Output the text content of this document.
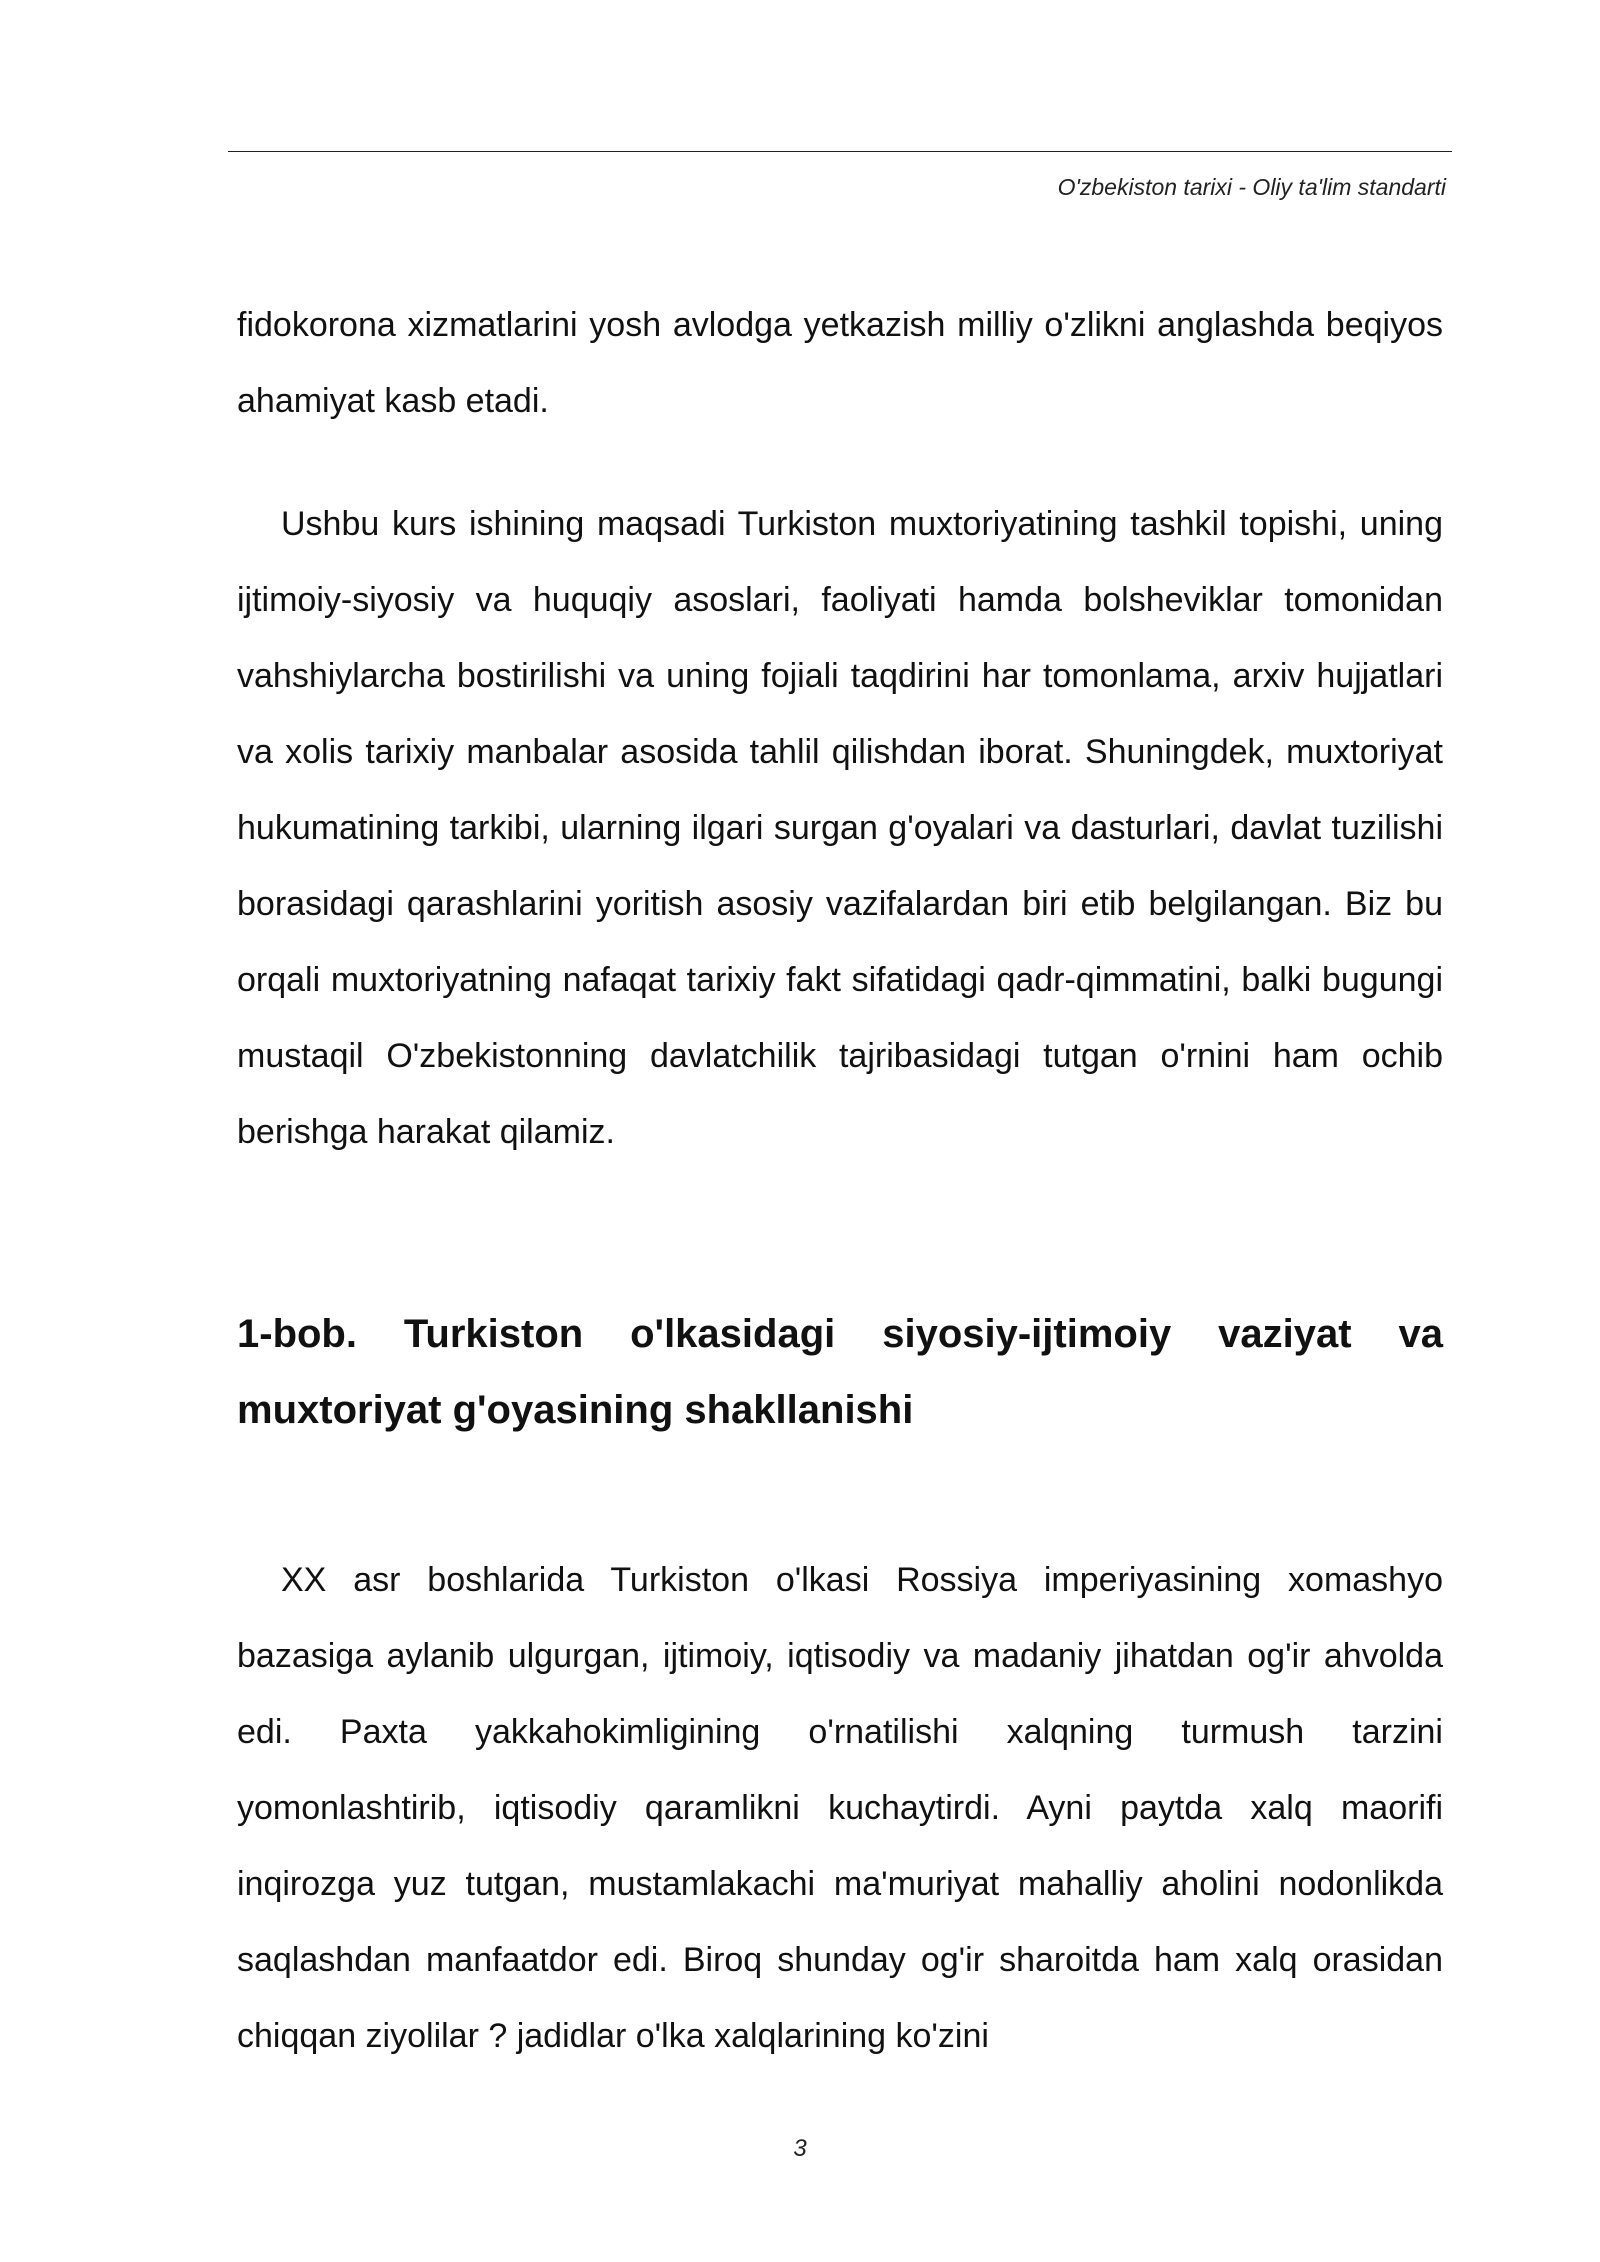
O'zbekiston tarixi - Oliy ta'lim standarti

fidokorona xizmatlarini yosh avlodga yetkazish milliy o'zlikni anglashda beqiyos ahamiyat kasb etadi.

Ushbu kurs ishining maqsadi Turkiston muxtoriyatining tashkil topishi, uning ijtimoiy-siyosiy va huquqiy asoslari, faoliyati hamda bolsheviklar tomonidan vahshiylarcha bostirilishi va uning fojiali taqdirini har tomonlama, arxiv hujjatlari va xolis tarixiy manbalar asosida tahlil qilishdan iborat. Shuningdek, muxtoriyat hukumatining tarkibi, ularning ilgari surgan g'oyalari va dasturlari, davlat tuzilishi borasidagi qarashlarini yoritish asosiy vazifalardan biri etib belgilangan. Biz bu orqali muxtoriyatning nafaqat tarixiy fakt sifatidagi qadr-qimmatini, balki bugungi mustaqil O'zbekistonning davlatchilik tajribasidagi tutgan o'rnini ham ochib berishga harakat qilamiz.

1-bob. Turkiston o'lkasidagi siyosiy-ijtimoiy vaziyat va muxtoriyat g'oyasining shakllanishi

XX asr boshlarida Turkiston o'lkasi Rossiya imperiyasining xomashyo bazasiga aylanib ulgurgan, ijtimoiy, iqtisodiy va madaniy jihatdan og'ir ahvolda edi. Paxta yakkahokimligining o'rnatilishi xalqning turmush tarzini yomonlashtirib, iqtisodiy qaramlikni kuchaytirdi. Ayni paytda xalq maorifi inqirozga yuz tutgan, mustamlakachi ma'muriyat mahalliy aholini nodonlikda saqlashdan manfaatdor edi. Biroq shunday og'ir sharoitda ham xalq orasidan chiqqan ziyolilar ? jadidlar o'lka xalqlarining ko'zini

3
